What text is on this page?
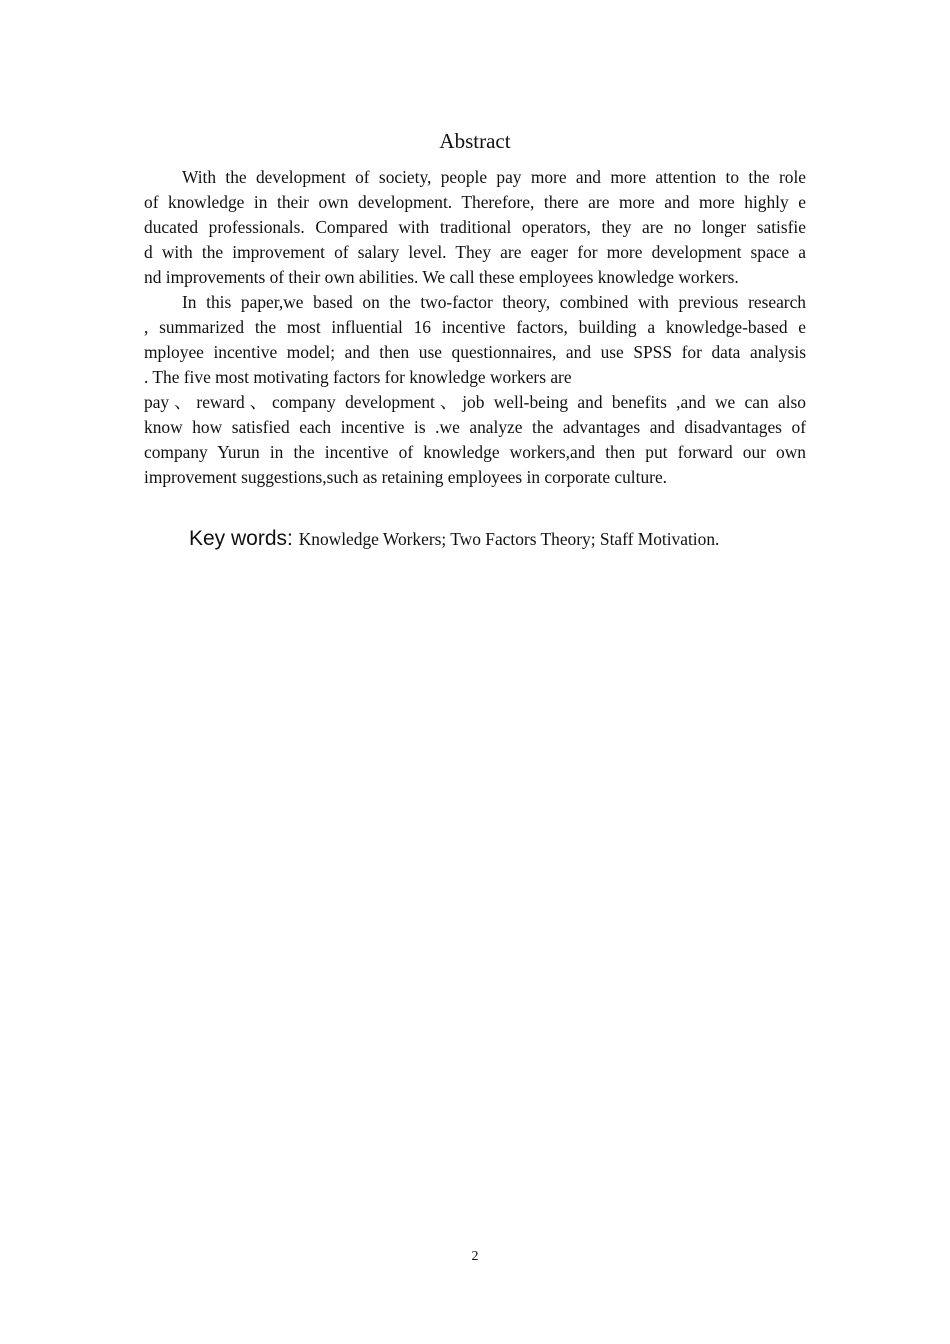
Abstract
With the development of society, people pay more and more attention to the role
of knowledge in their own development. Therefore, there are more and more highly e
ducated professionals. Compared with traditional operators, they are no longer satisfie
d with the improvement of salary level. They are eager for more development space a
nd improvements of their own abilities. We call these employees knowledge workers.
In this paper,we based on the two-factor theory, combined with previous research
, summarized the most influential 16 incentive factors, building a knowledge-based e
mployee incentive model; and then use questionnaires, and use SPSS for data analysis
. The five most motivating factors for knowledge workers are
pay、reward、company development、job well-being and benefits ,and we can also
know how satisfied each incentive is .we analyze the advantages and disadvantages of
company Yurun in the incentive of knowledge workers,and then put forward our own
improvement suggestions,such as retaining employees in corporate culture.
Key words: Knowledge Workers; Two Factors Theory; Staff Motivation.
2
